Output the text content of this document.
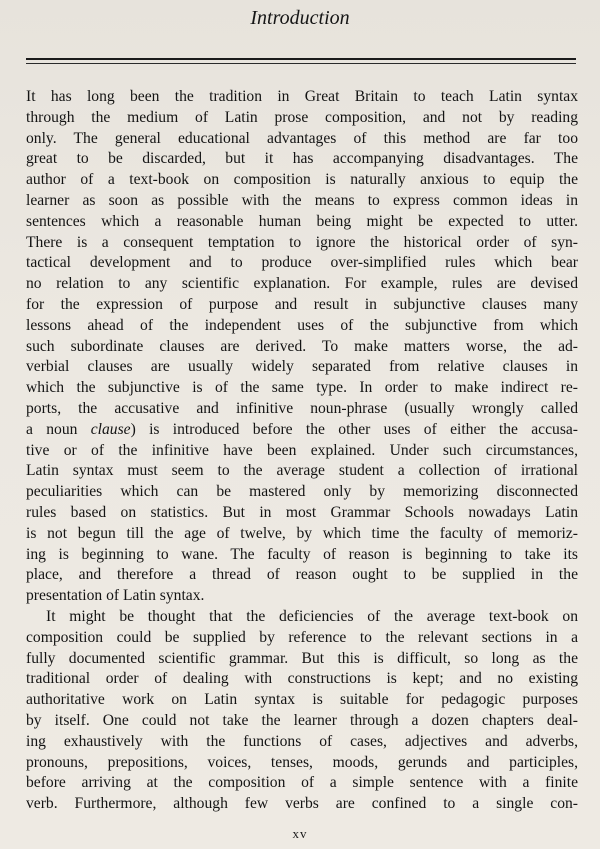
Introduction
It has long been the tradition in Great Britain to teach Latin syntax
through the medium of Latin prose composition, and not by reading
only. The general educational advantages of this method are far too
great to be discarded, but it has accompanying disadvantages. The
author of a text-book on composition is naturally anxious to equip the
learner as soon as possible with the means to express common ideas in
sentences which a reasonable human being might be expected to utter.
There is a consequent temptation to ignore the historical order of syn-
tactical development and to produce over-simplified rules which bear
no relation to any scientific explanation. For example, rules are devised
for the expression of purpose and result in subjunctive clauses many
lessons ahead of the independent uses of the subjunctive from which
such subordinate clauses are derived. To make matters worse, the ad-
verbial clauses are usually widely separated from relative clauses in
which the subjunctive is of the same type. In order to make indirect re-
ports, the accusative and infinitive noun-phrase (usually wrongly called
a noun clause) is introduced before the other uses of either the accusa-
tive or of the infinitive have been explained. Under such circumstances,
Latin syntax must seem to the average student a collection of irrational
peculiarities which can be mastered only by memorizing disconnected
rules based on statistics. But in most Grammar Schools nowadays Latin
is not begun till the age of twelve, by which time the faculty of memoriz-
ing is beginning to wane. The faculty of reason is beginning to take its
place, and therefore a thread of reason ought to be supplied in the
presentation of Latin syntax.
It might be thought that the deficiencies of the average text-book on
composition could be supplied by reference to the relevant sections in a
fully documented scientific grammar. But this is difficult, so long as the
traditional order of dealing with constructions is kept; and no existing
authoritative work on Latin syntax is suitable for pedagogic purposes
by itself. One could not take the learner through a dozen chapters deal-
ing exhaustively with the functions of cases, adjectives and adverbs,
pronouns, prepositions, voices, tenses, moods, gerunds and participles,
before arriving at the composition of a simple sentence with a finite
verb. Furthermore, although few verbs are confined to a single con-
xv
